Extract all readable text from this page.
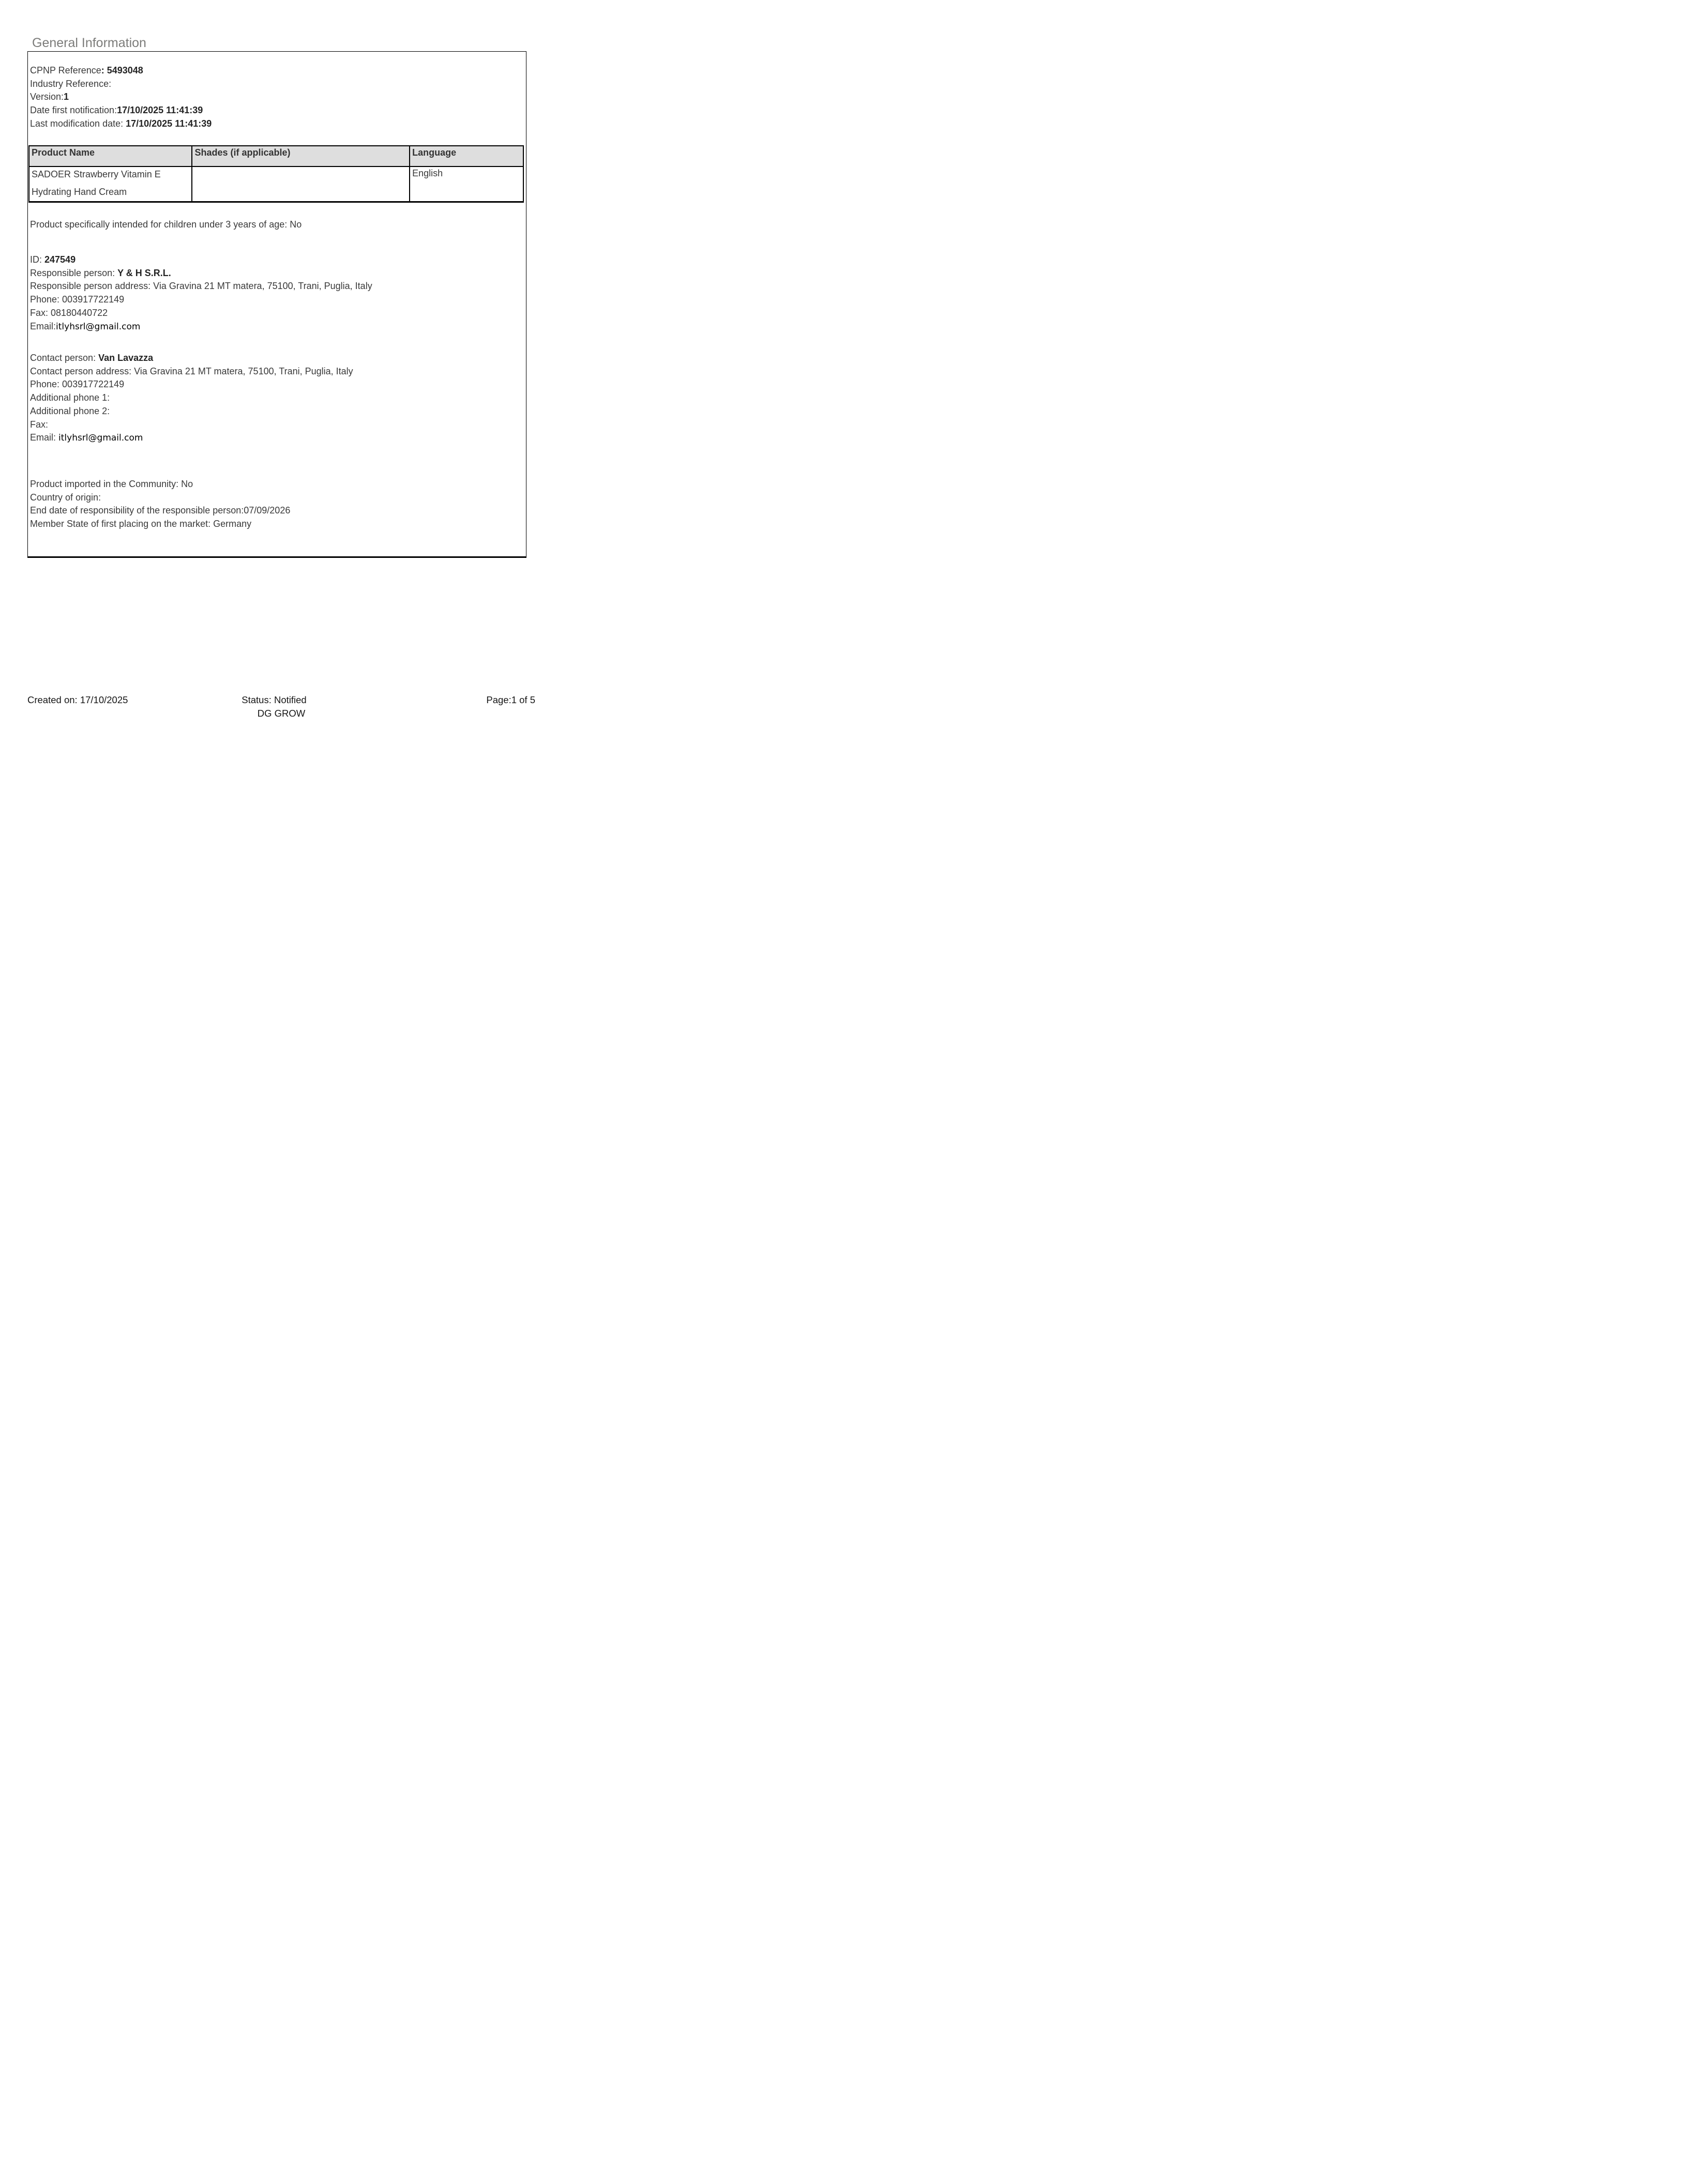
General Information
CPNP Reference: 5493048
Industry Reference:
Version:1
Date first notification:17/10/2025 11:41:39
Last modification date: 17/10/2025 11:41:39
Product Name	Shades (if applicable)	Language

SADOER Strawberry Vitamin E
Hydrating Hand Cream		English
Product specifically intended for children under 3 years of age: No
ID: 247549
Responsible person: Y & H S.R.L.
Responsible person address: Via Gravina 21 MT matera, 75100, Trani, Puglia, Italy
Phone: 003917722149
Fax: 08180440722
Email:itlyhsrl@gmail.com
Contact person: Van Lavazza
Contact person address: Via Gravina 21 MT matera, 75100, Trani, Puglia, Italy
Phone: 003917722149
Additional phone 1:
Additional phone 2:
Fax:
Email: itlyhsrl@gmail.com
Product imported in the Community: No
Country of origin:
End date of responsibility of the responsible person:07/09/2026
Member State of first placing on the market: Germany
Created on: 17/10/2025	Status: Notified	Page:1 of 5
DG GROW
